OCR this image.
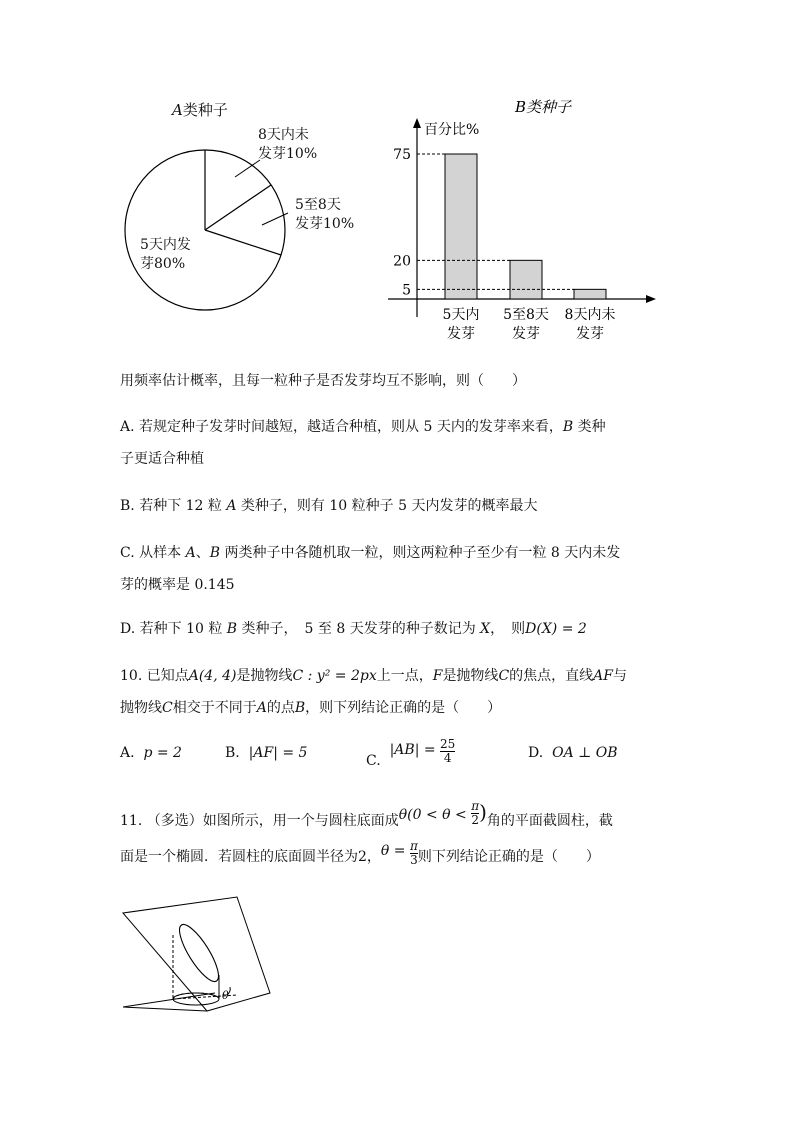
A类种子
8天内未
发芽10%
5至8天
发芽10%
5天内发
芽80%
B类种子
百分比%
75
5天内
发芽
20
5至8天
发芽
5
8天内未
发芽
用频率估计概率，且每一粒种子是否发芽均互不影响，则（　　）
A. 若规定种子发芽时间越短，越适合种植，则从 5 天内的发芽率来看，B 类种
子更适合种植
B. 若种下 12 粒 A 类种子，则有 10 粒种子 5 天内发芽的概率最大
C. 从样本 A、B 两类种子中各随机取一粒，则这两粒种子至少有一粒 8 天内未发
芽的概率是 0.145
D. 若种下 10 粒 B 类种子，　5 至 8 天发芽的种子数记为 X，　则D(X) = 2
10. 已知点A(4, 4)是抛物线C : y² = 2px上一点，F是抛物线C的焦点，直线AF与
抛物线C相交于不同于A的点B，则下列结论正确的是（　　）
A. p = 2	B. |AF| = 5	C.  $|AB| = \frac{25}{4}$	D. OA ⊥ OB
11. （多选）如图所示，用一个与圆柱底面成$\theta(0 < \theta < \frac{\pi}{2}$ )角的平面截圆柱，截
面是一个椭圆．若圆柱的底面圆半径为2，$\theta = \frac{\pi}{3}$ 则下列结论正确的是（　　）
θ
